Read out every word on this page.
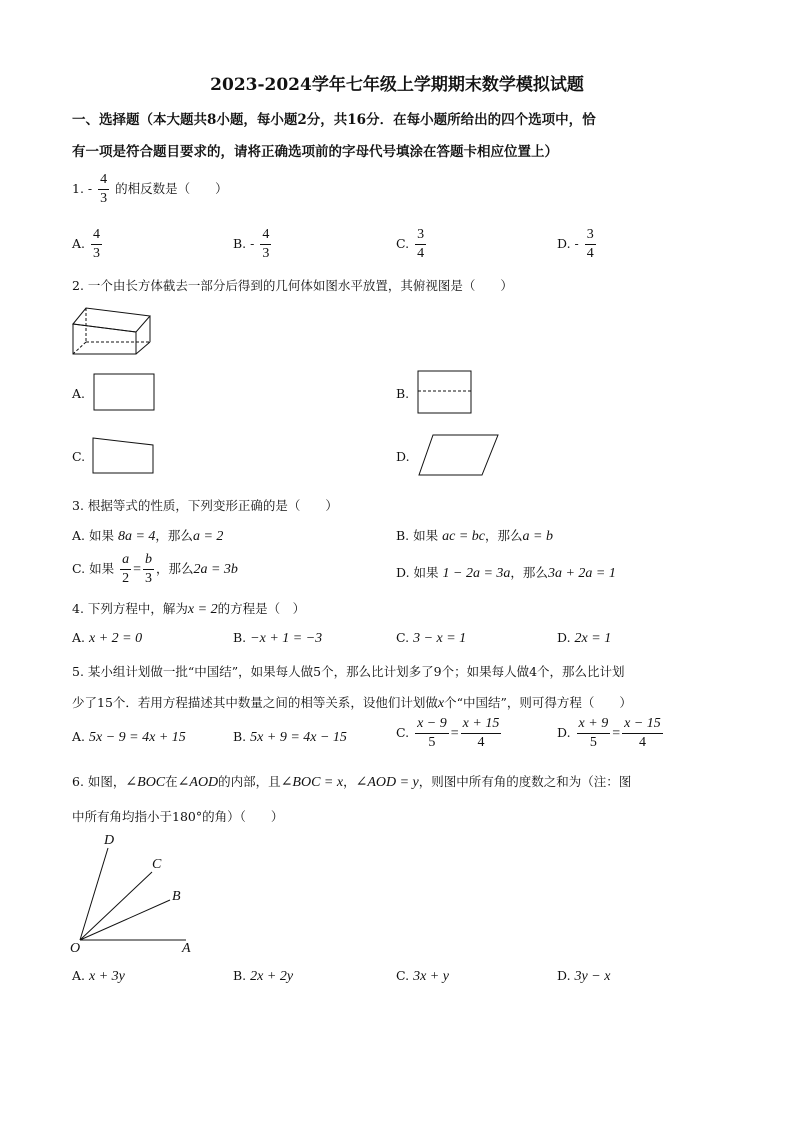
2023-2024学年七年级上学期期末数学模拟试题
一、选择题（本大题共8小题，每小题2分，共16分．在每小题所给出的四个选项中，恰
有一项是符合题目要求的，请将正确选项前的字母代号填涂在答题卡相应位置上）
1. - $\frac{4}{3}$ 的相反数是（　　）
A. $\frac{4}{3}$	B. - $\frac{4}{3}$	C. $\frac{3}{4}$	D. - $\frac{3}{4}$
2. 一个由长方体截去一部分后得到的几何体如图水平放置，其俯视图是（　　）
A.	B.
C.	D.
3. 根据等式的性质，下列变形正确的是（　　）
A. 如果 8a = 4，那么a = 2	B. 如果 ac = bc，那么a = b
C. 如果 $\frac{a}{2} = \frac{b}{3}$ ，那么2a = 3b	D. 如果 1 − 2a = 3a，那么3a + 2a = 1
4. 下列方程中，解为x = 2的方程是（　）
A. x + 2 = 0	B. −x + 1 = −3	C. 3 − x = 1	D. 2x = 1
5. 某小组计划做一批“中国结”，如果每人做5个，那么比计划多了9个；如果每人做4个，那么比计划
少了15个．若用方程描述其中数量之间的相等关系，设他们计划做x个“中国结”，则可得方程（　　）
A. 5x − 9 = 4x + 15	B. 5x + 9 = 4x − 15	C. $\frac{x - 9}{5} = \frac{x + 15}{4}$	D. $\frac{x + 9}{5} = \frac{x - 15}{4}$
6. 如图，∠BOC在∠AOD的内部，且∠BOC = x，∠AOD = y，则图中所有角的度数之和为（注：图
中所有角均指小于180°的角）（　　）
D
C
B
O	A
A. x + 3y	B. 2x + 2y	C. 3x + y	D. 3y − x
